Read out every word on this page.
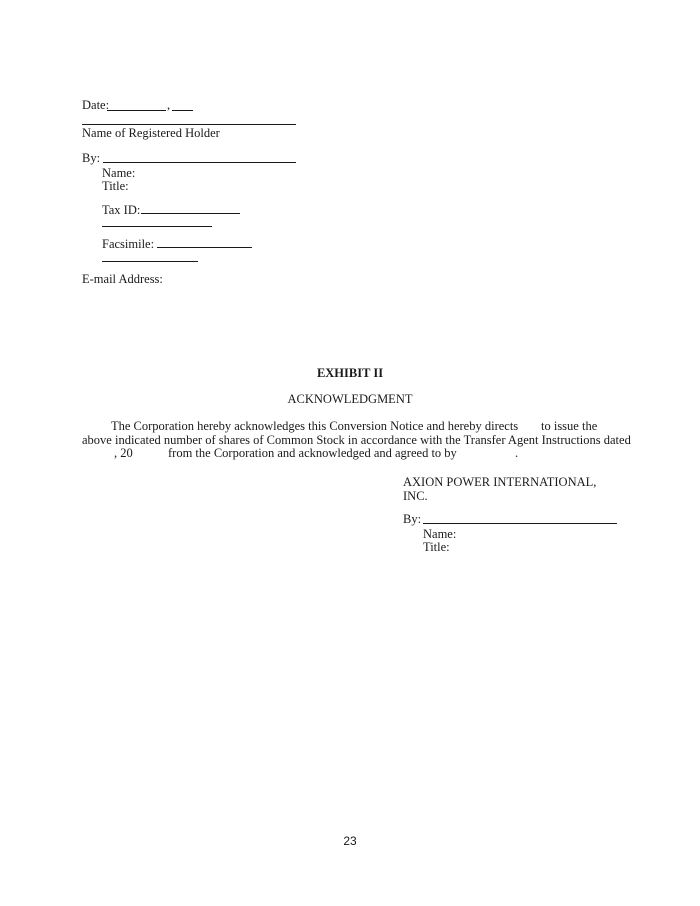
Date:	,
Name of Registered Holder
By:
Name:
Title:
Tax ID:
Facsimile:
E-mail Address:
EXHIBIT II
ACKNOWLEDGMENT
The Corporation hereby acknowledges this Conversion Notice and hereby directs to issue the
above indicated number of shares of Common Stock in accordance with the Transfer Agent Instructions dated
, 20	from the Corporation and acknowledged and agreed to by	.
AXION POWER INTERNATIONAL,
INC.
By:
Name:
Title:
23
